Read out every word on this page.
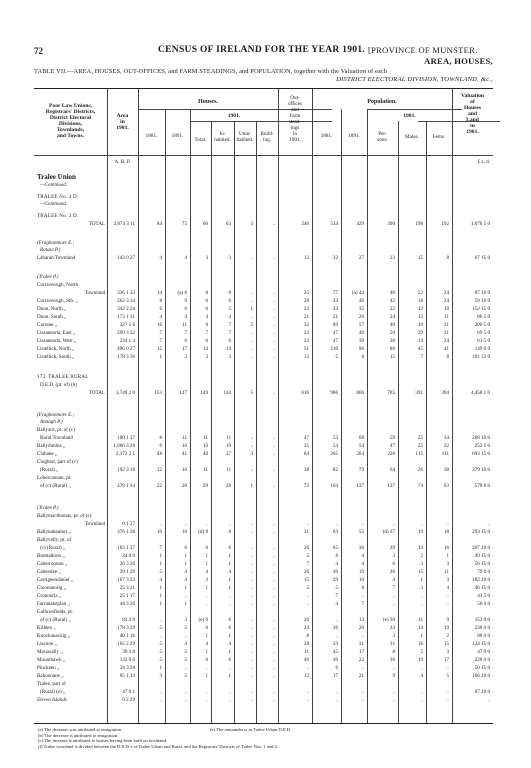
72	CENSUS OF IRELAND FOR THE YEAR 1901. [PROVINCE OF MUNSTER.
AREA, HOUSES,
TABLE VII.—AREA, HOUSES, OUT-OFFICES, and FARM STEADINGS, and POPULATION, together with the Valuation of each
DISTRICT ELECTORAL DIVISION, TOWNLAND, &c.,
Poor Law Unions,
Registrars' Districts,
District Electoral
Divisions,
Townlands,
and Towns.
Area
in
1901.
Houses.
1881.	1891.
1901.
Total.
In-
habited.
Unin-
habited.
Build-
ing.
Out-
offices
and
Farm
stead-
ings
in
1901.
Population.
1881.	1891.
1901.
Per-
sons.	Males.	Fems.
Valuation
of
Houses
and
Land
in
1901.
A. R. P.	£ s. d.
Tralee Union
—Continued.
TRALEE No. 3 D.
—Continued.
TRALEE No. 3 D.
TOTAL	2,874 3 11	84	75	66	63	3	..	246	534	429	390	198	192	1,076 5 0
(Fraghanmore E.;
Ratass P.)
Laharan Townland	143 0 27	4	4	3	3	..	..	13	32	27	23	15	8	67 15 0
(Tralee P.)
Curraveough, North
Townland	336 1 33	14	(a) 8	8	8	..	..	25	77	(a) 44	46	22	24	87 10 0
Curraveough, Sth. ,,	262 3 34	8	9	6	6	..	..	20	43	46	42	18	24	59 10 0
Doon, North ,,	342 2 24	6	6	6	5	1	..	22	43	35	22	12	10	152 15 0
Doon, South ,,	173 1 31	4	4	4	4	..	..	21	21	26	24	13	11	86 5 0
Garrane ,,	327 1 6	16	11	9	7	2	..	32	89	57	40	19	21	200 5 0
Lissanearla, East ,,	209 3 32	7	7	7	7	..	..	22	47	40	50	29	21	69 5 0
Lissanearla, West ,,	234 1 4	7	6	6	6	..	..	22	47	39	38	14	24	61 5 0
Listellick, North ,,	496 0 27	15	17	14	14	..	..	51	110	96	86	45	41	149 0 0
Listellick, South ,,	178 3 36	1	3	3	3	..	..	13	5	8	15	7	8	101 13 0
173. TRALEE RURAL
D.E.D. (pt. of) (b)
TOTAL	3,749 2 0	153	147	149	144	5	..	616	966	866	785	391	394	4,458 1 0
(Fraghanmore E.;
Annagh P.)
Ballyard, pt. of (c)
Rural Townland	180 1 37	8	11	11	11	..	..	47	53	68	59	25	34	208 10 0
Ballydunlea ,,	1,066 3 28	9	10	10	10	..	..	35	54	54	47	25	22	252 5 0
Clahane ,,	2,172 2 1	48	41	40	37	3	..	84	265	264	226	115	111	693 15 0
Clogherr, part of (c)
(Rural) ,,	192 3 18	12	10	11	11	..	..	38	82	79	64	26	38	379 10 0
Lohercannan, pt.
of (c) (Rural) ,,	478 1 34	22	20	29	28	1	..	72	104	137	137	74	63	578 6 0
(Tralee P.)
Ballymacthomas, pt. of (c)
Townland	0 1 27	..	..	..	..	..	..	..	..	..	..	..	..	..
Ballynahaulort ,,	376 1 38	10	10	(d) 8	8	..	..	31	63	55	(d) 37	19	18	293 15 0
Ballyvelly, pt. of
(c) (Rural) ,,	183 1 37	7	6	6	6	..	..	26	65	36	29	13	16	267 10 0
Bunttalloon ,,	24 0 9	1	1	1	1	..	..	5	8	4	3	2	1	49 15 0
Caherroonon ,,	26 3 26	1	1	1	1	..	..	7	4	4	6	3	3	56 15 0
Caherslee ,,	39 1 29	5	4	4	4	..	..	26	30	19	26	15	11	79 0 0
Carrigeendaniel ,,	167 3 23	4	4	3	1	..	..	15	29	10	4	1	3	182 10 0
Cloonanorig ,,	25 3 21	1	1	1	1	..	..	5	5	8	7	3	4	46 15 0
Cronoorla ,,	25 1 17	1	..	..	..	..	..	..	7	..	..	..	..	41 5 0
Farranakeplan ,,	44 3 26	1	1	..	..	..	..	..	4	7	..	..	..	56 0 0
Gallowsfields, pt.
of (c) (Rural) ,,	83 2 9	..	3	(e) 6	6	..	..	20	..	13	(e) 30	11	9	153 0 0
Killeen ,,	178 3 29	5	5	6	6	..	..	24	36	20	23	14	19	238 0 0
Knockanacuig ,,	40 1 16	..	..	1	1	..	..	8	..	..	3	1	2	88 0 0
Liscooe ,,	165 2 29	5	4	4	4	..	..	28	33	31	31	16	15	124 15 0
Monavally ,,	39 3 8	5	5	1	1	..	..	11	45	17	8	5	3	47 0 0
Mounthawk ,,	132 0 6	5	5	6	6	..	..	46	30	22	36	19	17	228 0 0
Pinckeen ,,	34 3 28	1	..	..	..	..	..	..	6	..	..	..	..	50 15 0
Rahoonane ,,	65 1 13	3	5	1	1	..	..	12	17	21	9	4	5	166 10 0
Tralee, part of
(Rural) (e) ,,	47 0 1	..	..	..	..	..	..	..	..	..	..	..	..	87 10 0
Eleven Islands	0 2 29	..	..	..	..	..	..	..	..	..	..	..	..	..
(a) The decrease was attributed to emigration.
(b) The decrease is attributed to emigration.
(c) The increase is attributed to houses having been built on townland.
(f) Tralee townland is divided between the D.E.D.'s of Tralee Urban and Rural, and the Registrars' Districts of Tralee Nos. 1 and 2.
(e) The remainder is in Tralee Urban D.E.D.
